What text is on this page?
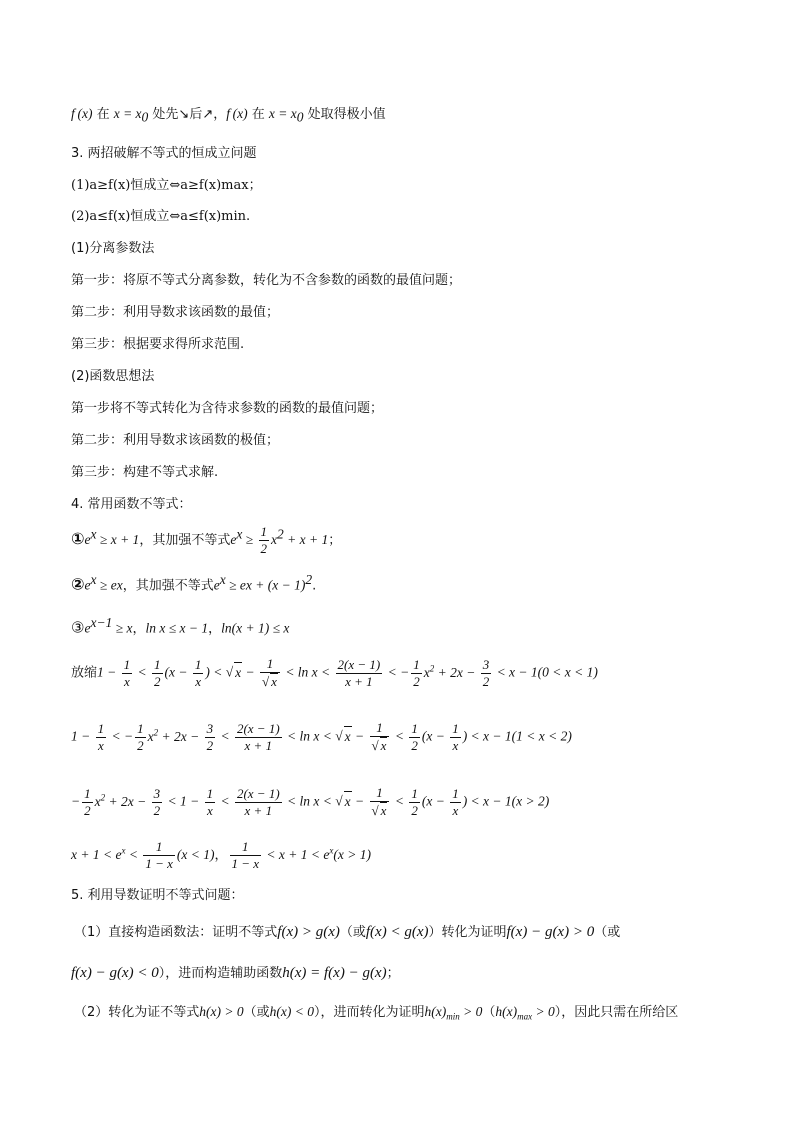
f (x) 在 $x = x_0$ 处先↘后↗，f (x) 在 $x = x_0$ 处取得极小值
3. 两招破解不等式的恒成立问题
(1)a≥f(x)恒成立⇔a≥f(x)max；
(2)a≤f(x)恒成立⇔a≤f(x)min.
(1)分离参数法
第一步：将原不等式分离参数，转化为不含参数的函数的最值问题；
第二步：利用导数求该函数的最值；
第三步：根据要求得所求范围.
(2)函数思想法
第一步将不等式转化为含待求参数的函数的最值问题；
第二步：利用导数求该函数的极值；
第三步：构建不等式求解.
4. 常用函数不等式：
$①e^x \ge x + 1$，其加强不等式$e^x \ge \frac{1}{2} x^2 + x + 1$；
$②e^x$ ≥ ex，其加强不等式$e^x$ ≥ ex + $(x - 1)^2$.
$③e^{x-1} \ge x$，ln x ≤ x − 1，ln(x + 1) ≤ x
放缩$1 - \frac{1}{x} < \frac{1}{2} (x - \frac{1}{x}$ ) < √ $x - \frac{1}{√ x} < \ln x < \frac{2(x - 1)}{x + 1}$ < − $\frac{1}{2} x^2 + 2x - \frac{3}{2} < x - 1(0 < x < 1)$
$1 - \frac{1}{x}$ < − $\frac{1}{2} x^2 + 2x - \frac{3}{2} < \frac{2(x - 1)}{x + 1} < \ln x$ < √ $x - \frac{1}{√ x} < \frac{1}{2} (x - \frac{1}{x}$ ) < x − 1(1 < x < 2)
− $\frac{1}{2} x^2 + 2x - \frac{3}{2} < 1 - \frac{1}{x} < \frac{2(x - 1)}{x + 1} < \ln x$ < √ $x - \frac{1}{√ x} < \frac{1}{2} (x - \frac{1}{x}$ ) < x − 1(x > 2)
$x + 1 < e^x < \frac{1}{1 - x} (x < 1)$， $\frac{1}{1 - x} < x + 1 < e^x(x > 1)$
5. 利用导数证明不等式问题：
（1）直接构造函数法：证明不等式f(x) > g(x)（或f(x) < g(x)）转化为证明f(x) − g(x) > 0（或
f(x) − g(x) < 0），进而构造辅助函数h(x) = f(x) − g(x)；
（2）转化为证不等式h(x) > 0（或h(x) < 0），进而转化为证明$h(x)_{min} > 0(h(x)_{max} > 0)$，因此只需在所给区
